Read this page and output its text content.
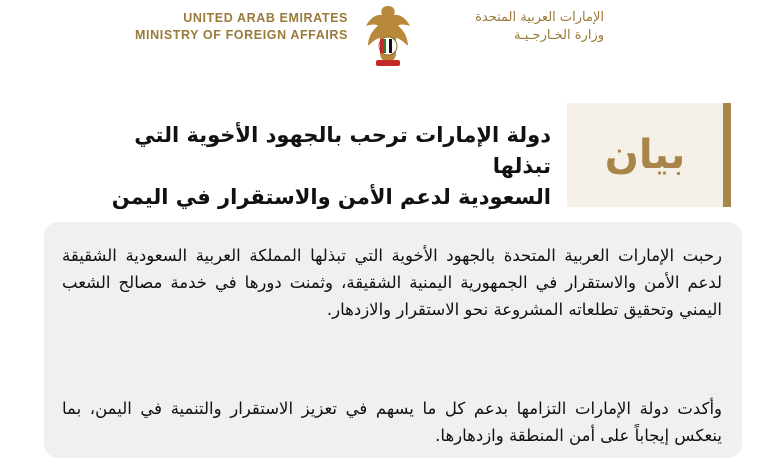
UNITED ARAB EMIRATES
MINISTRY OF FOREIGN AFFAIRS
الإمارات العربية المتحدة
وزارة الخـارجـيـة
بيان
دولة الإمارات ترحب بالجهود الأخوية التي تبذلها
السعودية لدعم الأمن والاستقرار في اليمن
رحبت الإمارات العربية المتحدة بالجهود الأخوية التي تبذلها المملكة العربية السعودية الشقيقة لدعم الأمن والاستقرار في الجمهورية اليمنية الشقيقة، وثمنت دورها في خدمة مصالح الشعب اليمني وتحقيق تطلعاته المشروعة نحو الاستقرار والازدهار.
وأكدت دولة الإمارات التزامها بدعم كل ما يسهم في تعزيز الاستقرار والتنمية في اليمن، بما ينعكس إيجاباً على أمن المنطقة وازدهارها.
